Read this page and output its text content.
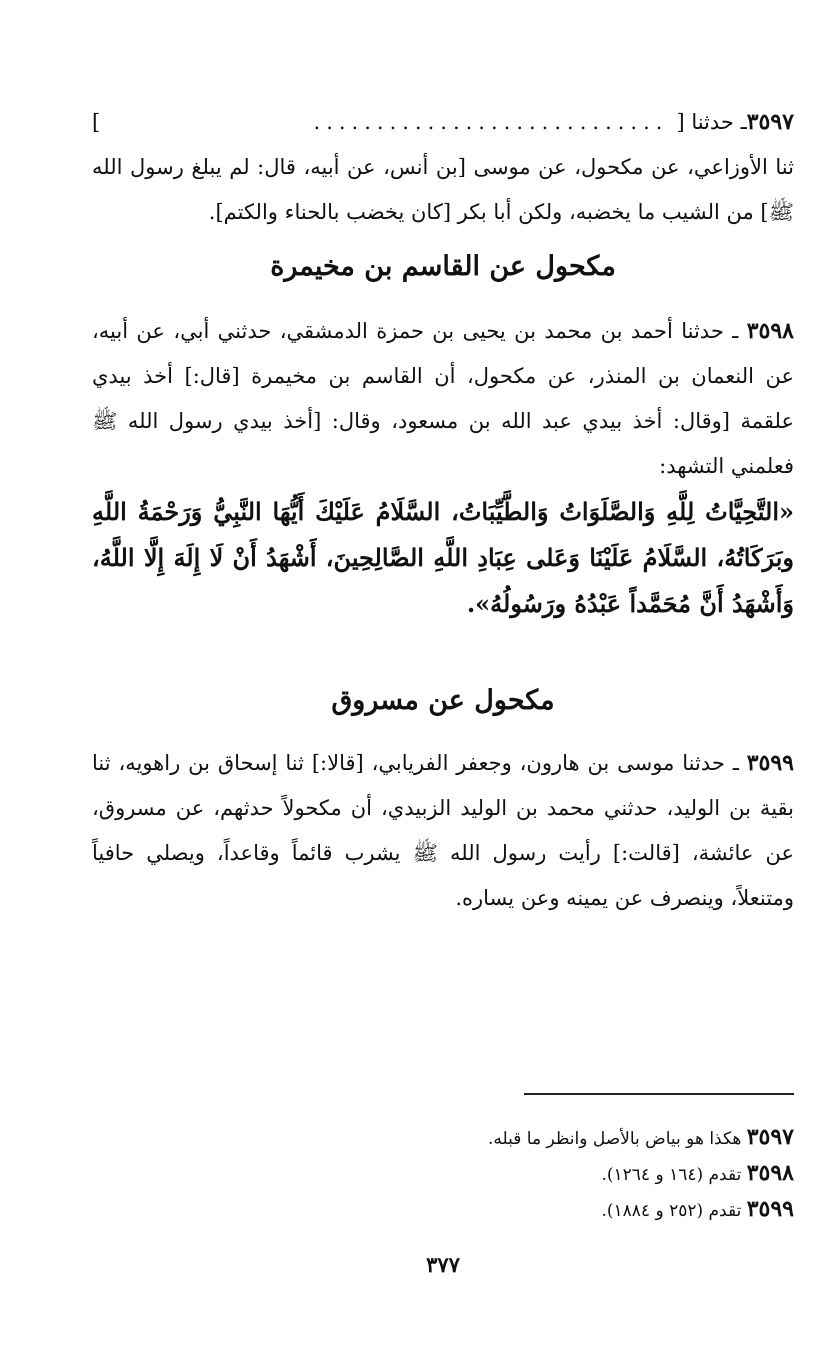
٣٥٩٧
ـ حدثنا [
............................
]

ثنا الأوزاعي، عن مكحول، عن موسى [بن أنس، عن أبيه، قال: لم يبلغ رسول الله ﷺ] من الشيب ما يخضبه، ولكن أبا بكر [كان يخضب بالحناء والكتم].

مكحول عن القاسم بن مخيمرة

٣٥٩٨ ـ حدثنا أحمد بن محمد بن يحيى بن حمزة الدمشقي، حدثني أبي، عن أبيه، عن النعمان بن المنذر، عن مكحول، أن القاسم بن مخيمرة [قال:] أخذ بيدي علقمة [وقال: أخذ بيدي عبد الله بن مسعود، وقال: [أخذ بيدي رسول الله ﷺ فعلمني التشهد:

«التَّحِيَّاتُ لِلَّهِ وَالصَّلَوَاتُ وَالطَّيِّبَاتُ، السَّلَامُ عَلَيْكَ أَيُّهَا النَّبِيُّ وَرَحْمَةُ اللَّهِ وبَرَكَاتُهُ، السَّلَامُ عَلَيْنَا وَعَلى عِبَادِ اللَّهِ الصَّالِحِينَ، أَشْهَدُ أَنْ لَا إِلَهَ إِلَّا اللَّهُ، وَأَشْهَدُ أَنَّ مُحَمَّداً عَبْدُهُ ورَسُولُهُ».

مكحول عن مسروق

٣٥٩٩ ـ حدثنا موسى بن هارون، وجعفر الفريابي، [قالا:] ثنا إسحاق بن راهويه، ثنا بقية بن الوليد، حدثني محمد بن الوليد الزبيدي، أن مكحولاً حدثهم، عن مسروق، عن عائشة، [قالت:] رأيت رسول الله ﷺ يشرب قائماً وقاعداً، ويصلي حافياً ومتنعلاً، وينصرف عن يمينه وعن يساره.

٣٥٩٧ هكذا هو بياض بالأصل وانظر ما قبله.

٣٥٩٨ تقدم (١٦٤ و ١٢٦٤).

٣٥٩٩ تقدم (٢٥٢ و ١٨٨٤).

٣٧٧
